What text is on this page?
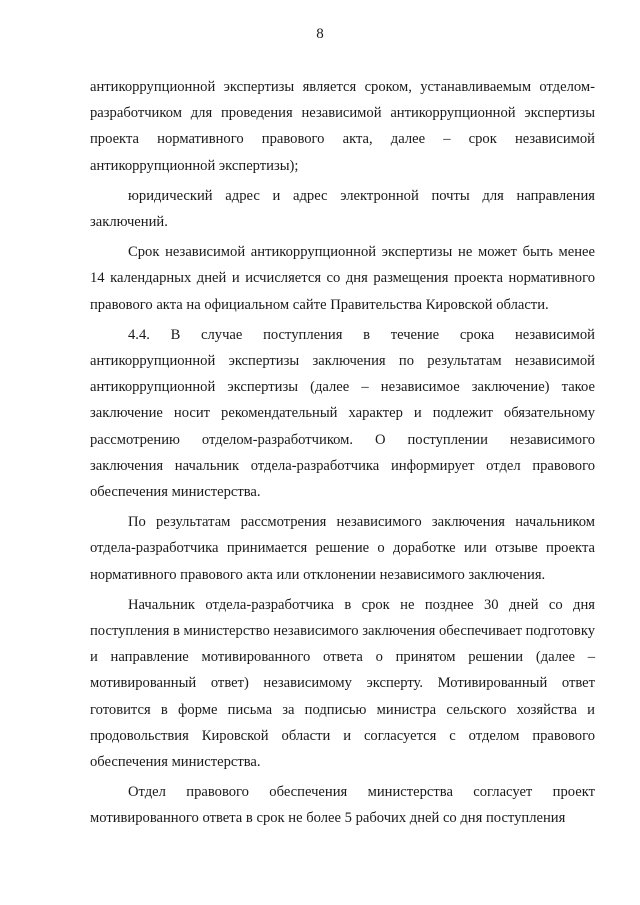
8

антикоррупционной экспертизы является сроком, устанавливаемым отделом-разработчиком для проведения независимой антикоррупционной экспертизы проекта нормативного правового акта, далее – срок независимой антикоррупционной экспертизы);

юридический адрес и адрес электронной почты для направления заключений.

Срок независимой антикоррупционной экспертизы не может быть менее 14 календарных дней и исчисляется со дня размещения проекта нормативного правового акта на официальном сайте Правительства Кировской области.

4.4. В случае поступления в течение срока независимой антикоррупционной экспертизы заключения по результатам независимой антикоррупционной экспертизы (далее – независимое заключение) такое заключение носит рекомендательный характер и подлежит обязательному рассмотрению отделом-разработчиком. О поступлении независимого заключения начальник отдела-разработчика информирует отдел правового обеспечения министерства.

По результатам рассмотрения независимого заключения начальником отдела-разработчика принимается решение о доработке или отзыве проекта нормативного правового акта или отклонении независимого заключения.

Начальник отдела-разработчика в срок не позднее 30 дней со дня поступления в министерство независимого заключения обеспечивает подготовку и направление мотивированного ответа о принятом решении (далее – мотивированный ответ) независимому эксперту. Мотивированный ответ готовится в форме письма за подписью министра сельского хозяйства и продовольствия Кировской области и согласуется с отделом правового обеспечения министерства.

Отдел правового обеспечения министерства согласует проект мотивированного ответа в срок не более 5 рабочих дней со дня поступления
